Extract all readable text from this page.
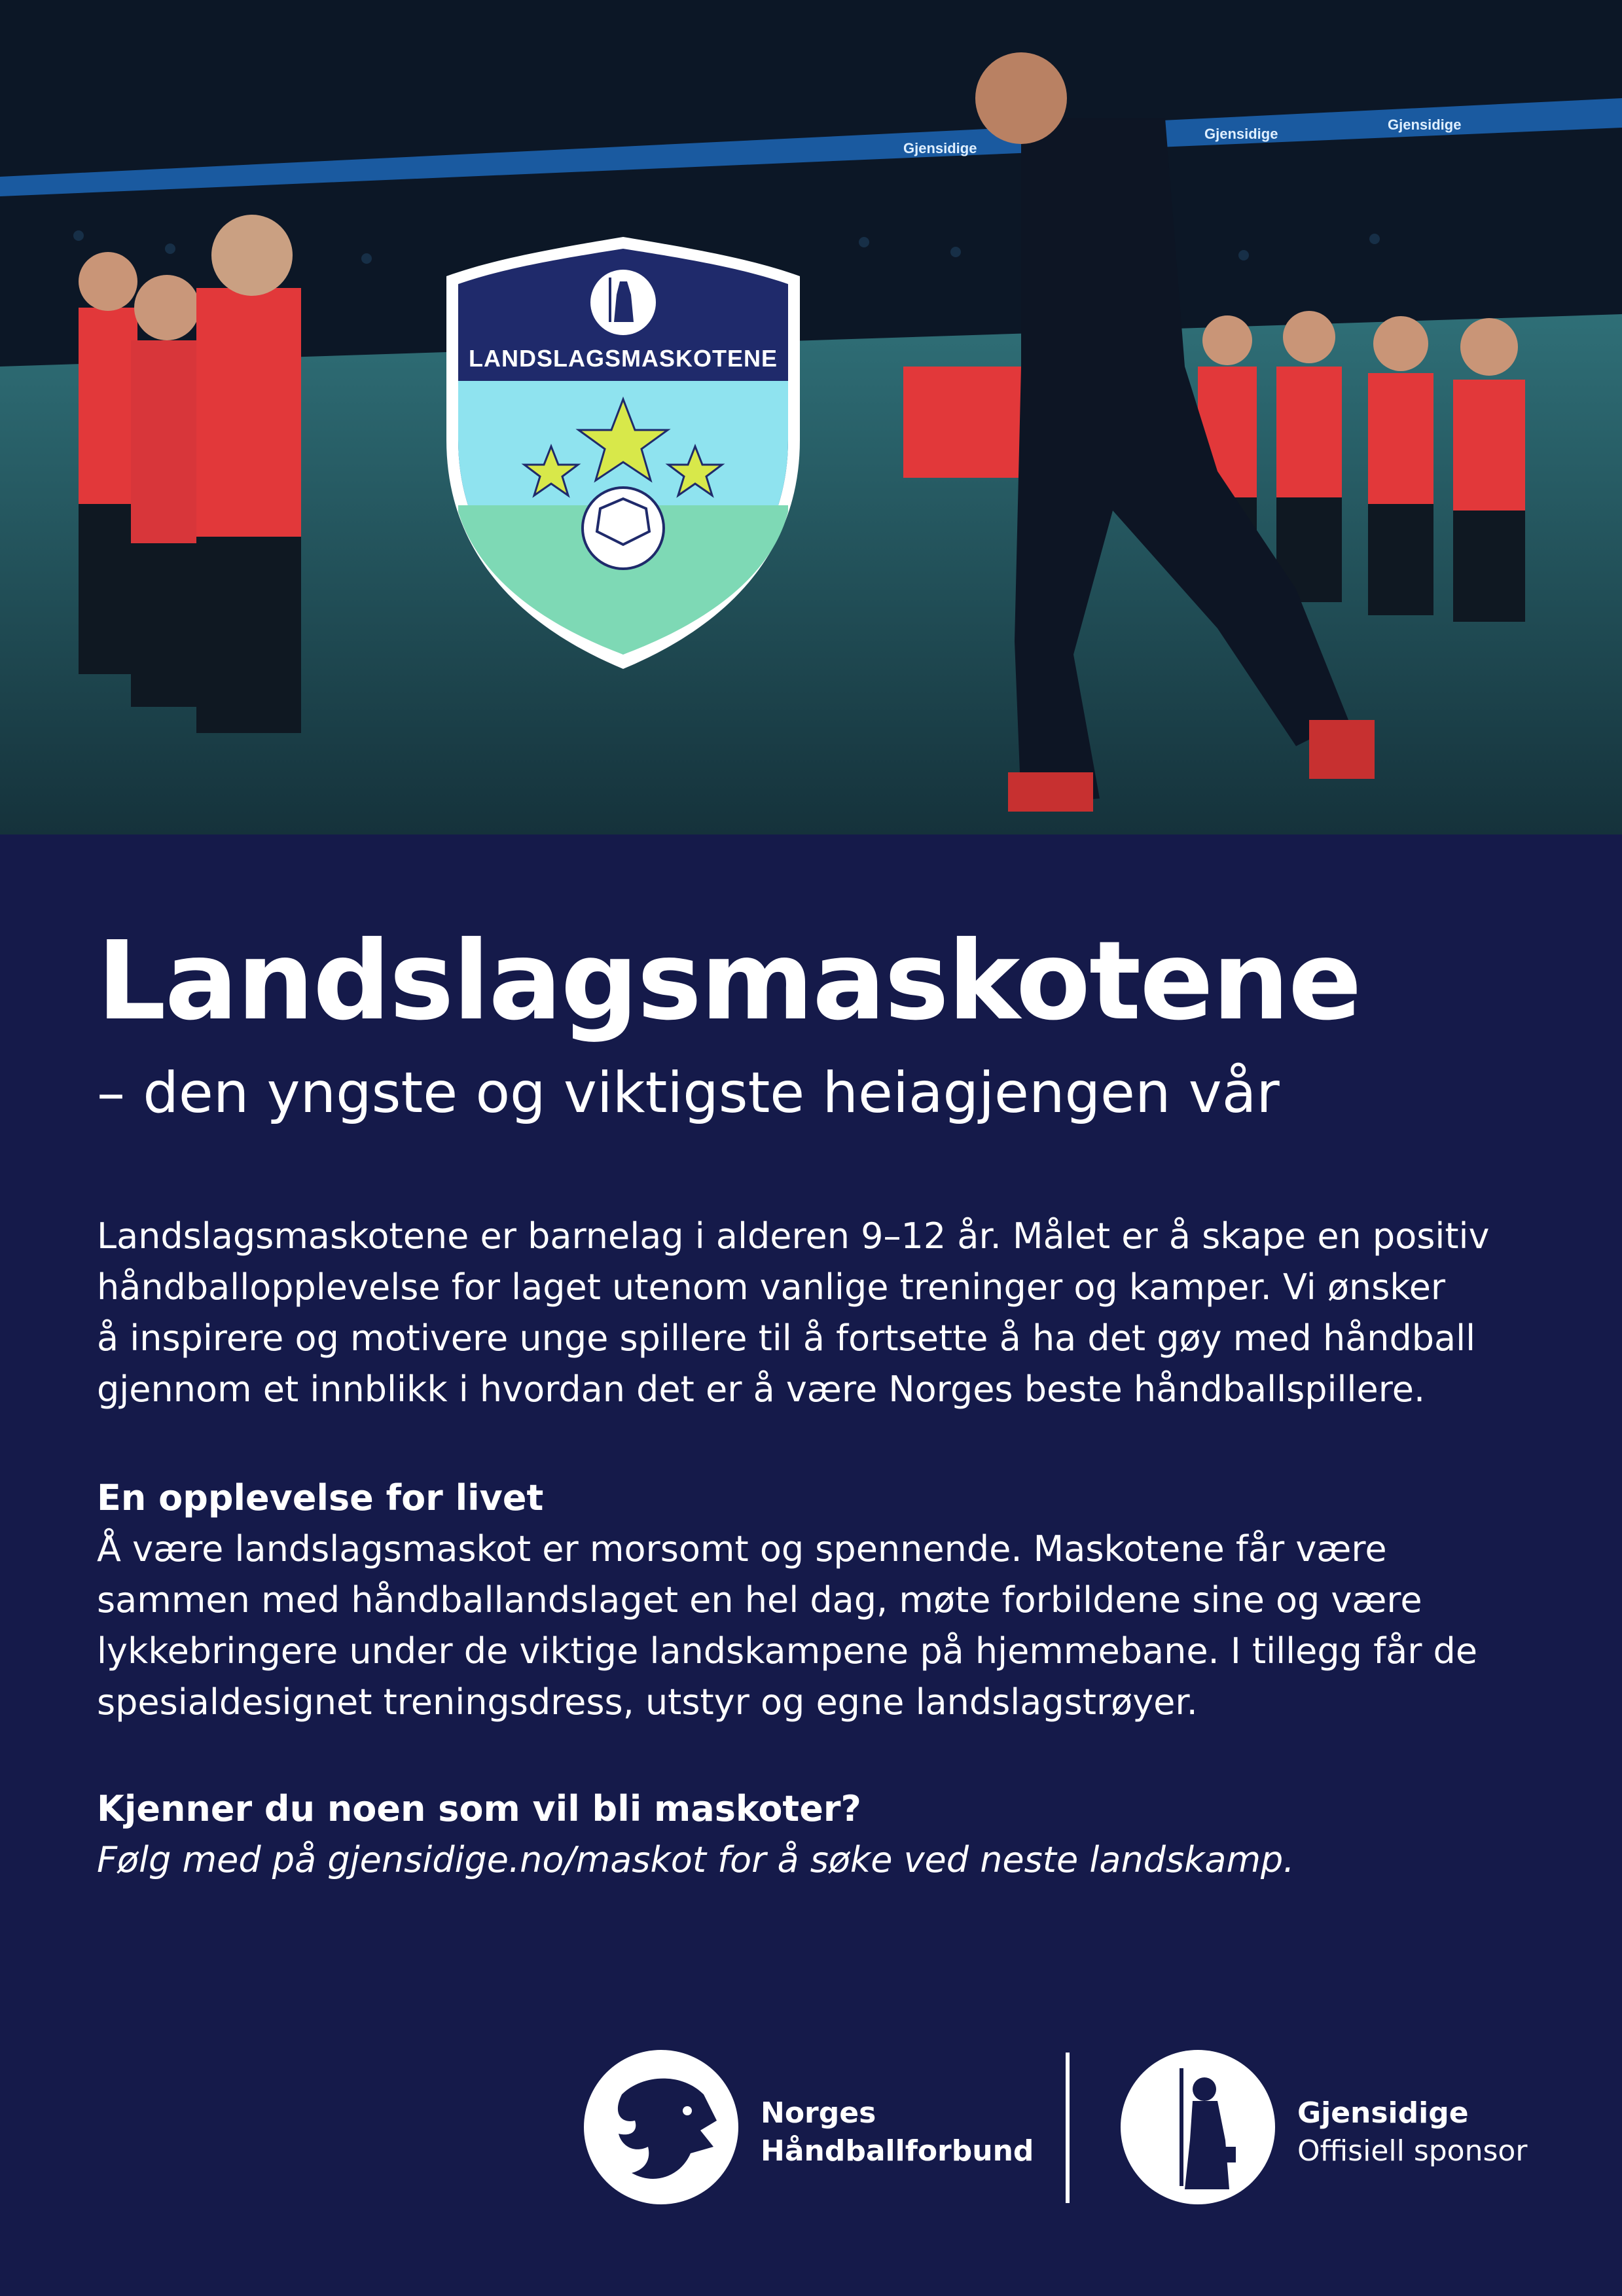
Gjensidige
Gjensidige
Gjensidige
LANDSLAGSMASKOTENE
Landslagsmaskotene
– den yngste og viktigste heiagjengen vår
Landslagsmaskotene er barnelag i alderen 9–12 år. Målet er å skape en positiv
håndballopplevelse for laget utenom vanlige treninger og kamper. Vi ønsker
å inspirere og motivere unge spillere til å fortsette å ha det gøy med håndball
gjennom et innblikk i hvordan det er å være Norges beste håndballspillere.
En opplevelse for livet
Å være landslagsmaskot er morsomt og spennende. Maskotene får være
sammen med håndballandslaget en hel dag, møte forbildene sine og være
lykkebringere under de viktige landskampene på hjemmebane. I tillegg får de
spesialdesignet treningsdress, utstyr og egne landslagstrøyer.
Kjenner du noen som vil bli maskoter?
Følg med på gjensidige.no/maskot for å søke ved neste landskamp.
Norges
Håndballforbund
Gjensidige
Offisiell sponsor
